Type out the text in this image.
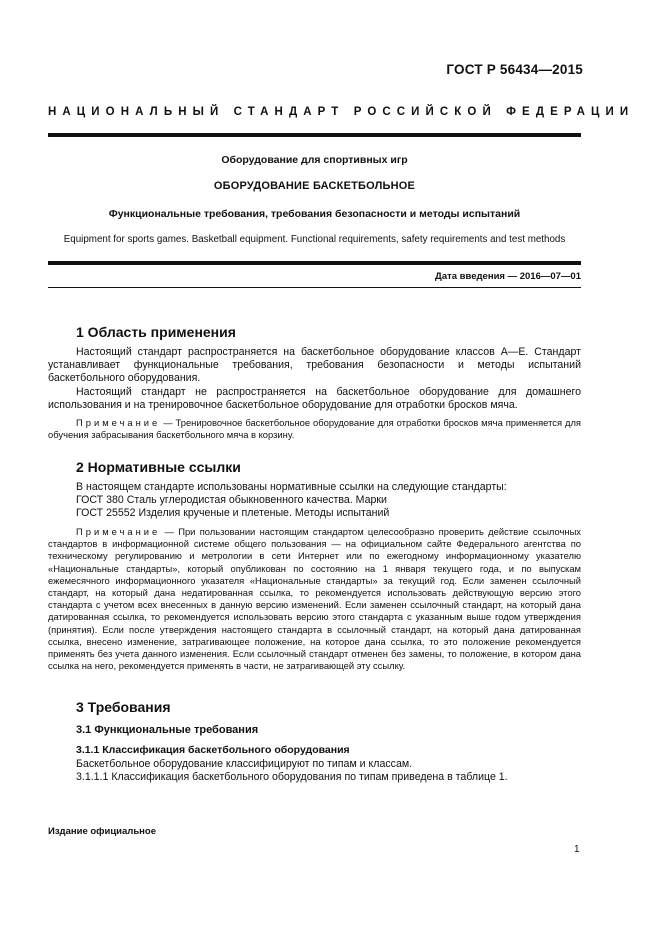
ГОСТ Р 56434—2015
НАЦИОНАЛЬНЫЙ СТАНДАРТ РОССИЙСКОЙ ФЕДЕРАЦИИ
Оборудование для спортивных игр
ОБОРУДОВАНИЕ БАСКЕТБОЛЬНОЕ
Функциональные требования, требования безопасности и методы испытаний
Equipment for sports games. Basketball equipment. Functional requirements, safety requirements and test methods
Дата введения — 2016—07—01
1 Область применения

Настоящий стандарт распространяется на баскетбольное оборудование классов А—Е. Стандарт устанавливает функциональные требования, требования безопасности и методы испытаний баскетбольного оборудования.

Настоящий стандарт не распространяется на баскетбольное оборудование для домашнего использования и на тренировочное баскетбольное оборудование для отработки бросков мяча.

Примечание — Тренировочное баскетбольное оборудование для отработки бросков мяча применяется для обучения забрасывания баскетбольного мяча в корзину.

2 Нормативные ссылки
В настоящем стандарте использованы нормативные ссылки на следующие стандарты:
ГОСТ 380 Сталь углеродистая обыкновенного качества. Марки
ГОСТ 25552 Изделия крученые и плетеные. Методы испытаний

Примечание — При пользовании настоящим стандартом целесообразно проверить действие ссылочных стандартов в информационной системе общего пользования — на официальном сайте Федерального агентства по техническому регулированию и метрологии в сети Интернет или по ежегодному информационному указателю «Национальные стандарты», который опубликован по состоянию на 1 января текущего года, и по выпускам ежемесячного информационного указателя «Национальные стандарты» за текущий год. Если заменен ссылочный стандарт, на который дана недатированная ссылка, то рекомендуется использовать действующую версию этого стандарта с учетом всех внесенных в данную версию изменений. Если заменен ссылочный стандарт, на который дана датированная ссылка, то рекомендуется использовать версию этого стандарта с указанным выше годом утверждения (принятия). Если после утверждения настоящего стандарта в ссылочный стандарт, на который дана датированная ссылка, внесено изменение, затрагивающее положение, на которое дана ссылка, то это положение рекомендуется применять без учета данного изменения. Если ссылочный стандарт отменен без замены, то положение, в котором дана ссылка на него, рекомендуется применять в части, не затрагивающей эту ссылку.

3 Требования
3.1 Функциональные требования
3.1.1 Классификация баскетбольного оборудования
Баскетбольное оборудование классифицируют по типам и классам.
3.1.1.1 Классификация баскетбольного оборудования по типам приведена в таблице 1.
Издание официальное
1
